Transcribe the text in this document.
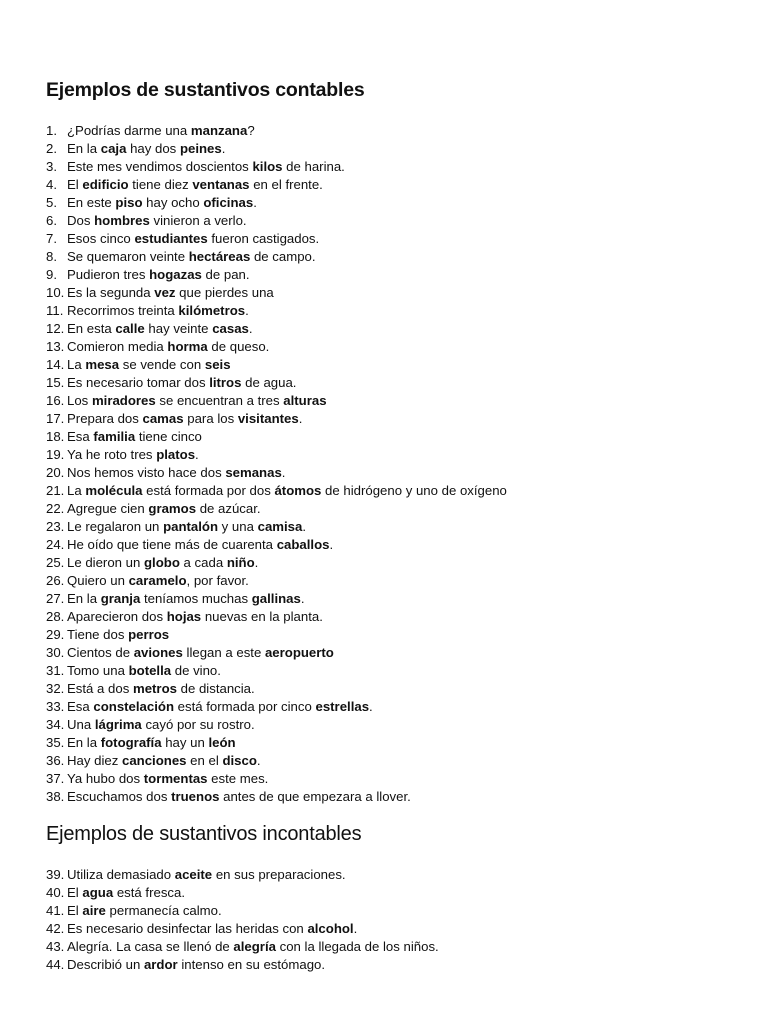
Ejemplos de sustantivos contables
1. ¿Podrías darme una manzana?
2. En la caja hay dos peines.
3. Este mes vendimos doscientos kilos de harina.
4. El edificio tiene diez ventanas en el frente.
5. En este piso hay ocho oficinas.
6. Dos hombres vinieron a verlo.
7. Esos cinco estudiantes fueron castigados.
8. Se quemaron veinte hectáreas de campo.
9. Pudieron tres hogazas de pan.
10. Es la segunda vez que pierdes una
11. Recorrimos treinta kilómetros.
12. En esta calle hay veinte casas.
13. Comieron media horma de queso.
14. La mesa se vende con seis
15. Es necesario tomar dos litros de agua.
16. Los miradores se encuentran a tres alturas
17. Prepara dos camas para los visitantes.
18. Esa familia tiene cinco
19. Ya he roto tres platos.
20. Nos hemos visto hace dos semanas.
21. La molécula está formada por dos átomos de hidrógeno y uno de oxígeno
22. Agregue cien gramos de azúcar.
23. Le regalaron un pantalón y una camisa.
24. He oído que tiene más de cuarenta caballos.
25. Le dieron un globo a cada niño.
26. Quiero un caramelo, por favor.
27. En la granja teníamos muchas gallinas.
28. Aparecieron dos hojas nuevas en la planta.
29. Tiene dos perros
30. Cientos de aviones llegan a este aeropuerto
31. Tomo una botella de vino.
32. Está a dos metros de distancia.
33. Esa constelación está formada por cinco estrellas.
34. Una lágrima cayó por su rostro.
35. En la fotografía hay un león
36. Hay diez canciones en el disco.
37. Ya hubo dos tormentas este mes.
38. Escuchamos dos truenos antes de que empezara a llover.
Ejemplos de sustantivos incontables
39. Utiliza demasiado aceite en sus preparaciones.
40. El agua está fresca.
41. El aire permanecía calmo.
42. Es necesario desinfectar las heridas con alcohol.
43. Alegría. La casa se llenó de alegría con la llegada de los niños.
44. Describió un ardor intenso en su estómago.
